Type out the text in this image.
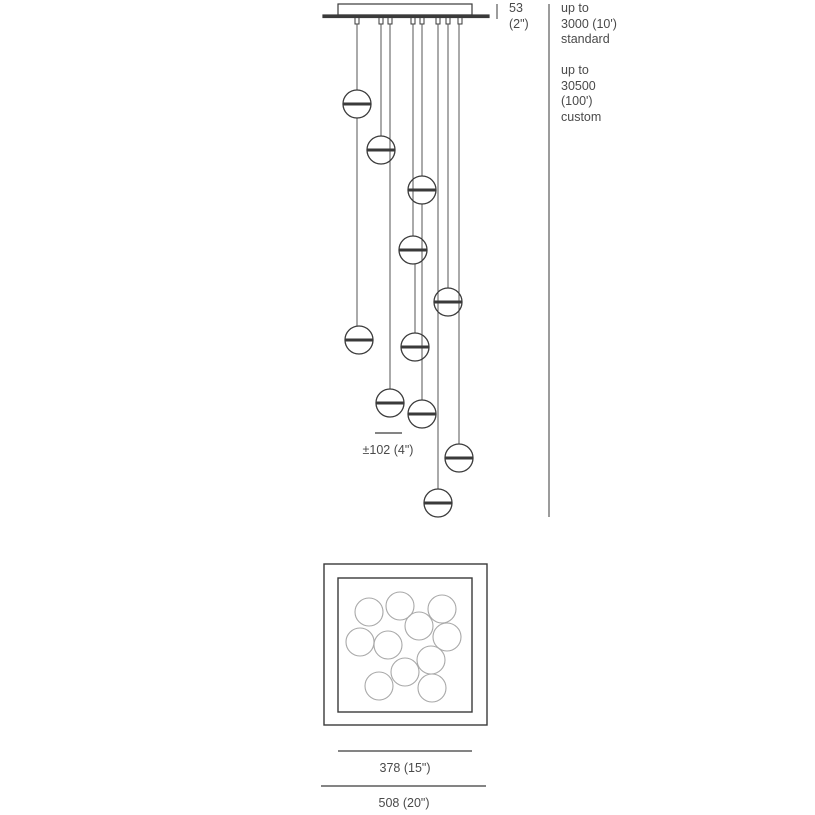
53
(2")
up to
3000 (10')
standard
up to
30500
(100')
custom
±102 (4")
378 (15")
508 (20")
